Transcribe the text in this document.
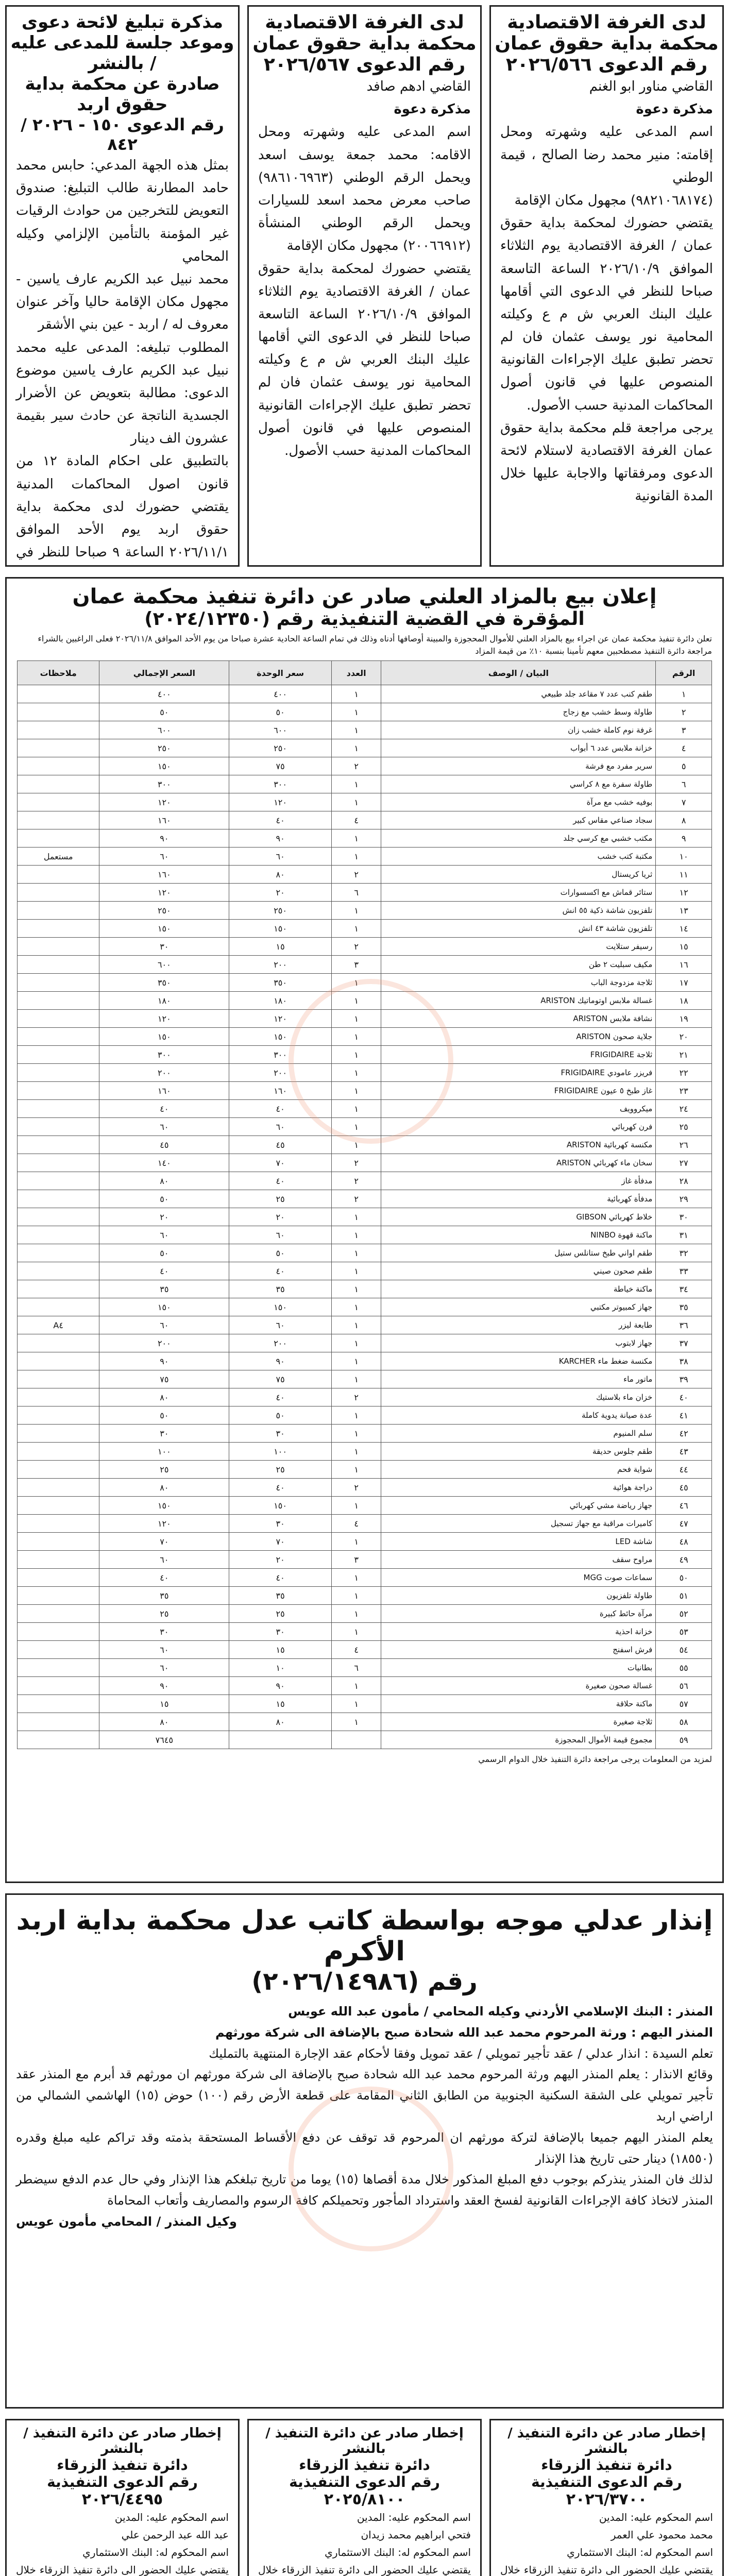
لدى الغرفة الاقتصادية
محكمة بداية حقوق عمان
رقم الدعوى ٢٠٢٦/٥٦٦
القاضي مناور ابو الغنم
مذكرة دعوة
اسم المدعى عليه وشهرته ومحل إقامته: منير محمد رضا الصالح ، قيمة الوطني
(٩٨٢١٠٦٨١٧٤) مجهول مكان الإقامة
يقتضي حضورك لمحكمة بداية حقوق عمان / الغرفة الاقتصادية يوم الثلاثاء الموافق ٢٠٢٦/١٠/٩ الساعة التاسعة صباحا للنظر في الدعوى التي أقامها عليك البنك العربي ش م ع وكيلته المحامية نور يوسف عثمان فان لم تحضر تطبق عليك الإجراءات القانونية المنصوص عليها في قانون أصول المحاكمات المدنية حسب الأصول.
يرجى مراجعة قلم محكمة بداية حقوق عمان الغرفة الاقتصادية لاستلام لائحة الدعوى ومرفقاتها والاجابة عليها خلال المدة القانونية
لدى الغرفة الاقتصادية
محكمة بداية حقوق عمان
رقم الدعوى ٢٠٢٦/٥٦٧
القاضي ادهم صافد
مذكرة دعوة
اسم المدعى عليه وشهرته ومحل الاقامه: محمد جمعة يوسف اسعد ويحمل الرقم الوطني (٩٨٦١٠٦٩٦٣) صاحب معرض محمد اسعد للسيارات ويحمل الرقم الوطني المنشأة (٢٠٠٦٦٩١٢) مجهول مكان الإقامة
يقتضي حضورك لمحكمة بداية حقوق عمان / الغرفة الاقتصادية يوم الثلاثاء الموافق ٢٠٢٦/١٠/٩ الساعة التاسعة صباحا للنظر في الدعوى التي أقامها عليك البنك العربي ش م ع وكيلته المحامية نور يوسف عثمان فان لم تحضر تطبق عليك الإجراءات القانونية المنصوص عليها في قانون أصول المحاكمات المدنية حسب الأصول.
مذكرة تبليغ لائحة دعوى
وموعد جلسة للمدعى عليه
/ بالنشر
صادرة عن محكمة بداية
حقوق اربد
رقم الدعوى ١٥٠ - ٢٠٢٦ / ٨٤٢
بمثل هذه الجهة المدعي: حابس محمد حامد المطارنة طالب التبليغ: صندوق التعويض للتخرجين من حوادث الرقيات غير المؤمنة بالتأمين الإلزامي وكيله المحامي
محمد نبيل عبد الكريم عارف ياسين - مجهول مكان الإقامة حاليا وآخر عنوان معروف له / اربد - عين بني الأشقر
المطلوب تبليغه: المدعى عليه محمد نبيل عبد الكريم عارف ياسين موضوع الدعوى: مطالبة بتعويض عن الأضرار الجسدية الناتجة عن حادث سير بقيمة عشرون الف دينار
بالتطبيق على احكام المادة ١٢ من قانون اصول المحاكمات المدنية يقتضي حضورك لدى محكمة بداية حقوق اربد يوم الأحد الموافق ٢٠٢٦/١١/١ الساعة ٩ صباحا للنظر في
إعلان بيع بالمزاد العلني صادر عن دائرة تنفيذ محكمة عمان
المؤقرة في القضية التنفيذية رقم (٢٠٢٤/١٢٣٥٠)
تعلن دائرة تنفيذ محكمة عمان عن اجراء بيع بالمزاد العلني للأموال المحجوزة والمبينة أوصافها أدناه وذلك في تمام الساعة الحادية عشرة صباحا من يوم الأحد الموافق ٢٠٢٦/١١/٨ فعلى الراغبين بالشراء مراجعة دائرة التنفيذ مصطحبين معهم تأمينا بنسبة ١٠٪ من قيمة المزاد
الرقم	البيان / الوصف	العدد	سعر الوحدة	السعر الإجمالي	ملاحظات
١	طقم كنب عدد ٧ مقاعد جلد طبيعي	١	٤٠٠	٤٠٠	
٢	طاولة وسط خشب مع زجاج	١	٥٠	٥٠	
٣	غرفة نوم كاملة خشب زان	١	٦٠٠	٦٠٠	
٤	خزانة ملابس عدد ٦ أبواب	١	٢٥٠	٢٥٠	
٥	سرير مفرد مع فرشة	٢	٧٥	١٥٠	
٦	طاولة سفرة مع ٨ كراسي	١	٣٠٠	٣٠٠	
٧	بوفيه خشب مع مرآة	١	١٢٠	١٢٠	
٨	سجاد صناعي مقاس كبير	٤	٤٠	١٦٠	
٩	مكتب خشبي مع كرسي جلد	١	٩٠	٩٠	
١٠	مكتبة كتب خشب	١	٦٠	٦٠	مستعمل
١١	ثريا كريستال	٢	٨٠	١٦٠	
١٢	ستائر قماش مع اكسسوارات	٦	٢٠	١٢٠	
١٣	تلفزيون شاشة ذكية ٥٥ انش	١	٢٥٠	٢٥٠	
١٤	تلفزيون شاشة ٤٣ انش	١	١٥٠	١٥٠	
١٥	رسيفر ستلايت	٢	١٥	٣٠	
١٦	مكيف سبليت ٢ طن	٣	٢٠٠	٦٠٠	
١٧	ثلاجة مزدوجة الباب	١	٣٥٠	٣٥٠	
١٨	غسالة ملابس اوتوماتيك ARISTON	١	١٨٠	١٨٠	
١٩	نشافة ملابس ARISTON	١	١٢٠	١٢٠	
٢٠	جلاية صحون ARISTON	١	١٥٠	١٥٠	
٢١	ثلاجة FRIGIDAIRE	١	٣٠٠	٣٠٠	
٢٢	فريزر عامودي FRIGIDAIRE	١	٢٠٠	٢٠٠	
٢٣	غاز طبخ ٥ عيون FRIGIDAIRE	١	١٦٠	١٦٠	
٢٤	ميكروويف	١	٤٠	٤٠	
٢٥	فرن كهربائي	١	٦٠	٦٠	
٢٦	مكنسة كهربائية ARISTON	١	٤٥	٤٥	
٢٧	سخان ماء كهربائي ARISTON	٢	٧٠	١٤٠	
٢٨	مدفأة غاز	٢	٤٠	٨٠	
٢٩	مدفأة كهربائية	٢	٢٥	٥٠	
٣٠	خلاط كهربائي GIBSON	١	٢٠	٢٠	
٣١	ماكنة قهوة NINBO	١	٦٠	٦٠	
٣٢	طقم اواني طبخ ستانلس ستيل	١	٥٠	٥٠	
٣٣	طقم صحون صيني	١	٤٠	٤٠	
٣٤	ماكنة خياطة	١	٣٥	٣٥	
٣٥	جهاز كمبيوتر مكتبي	١	١٥٠	١٥٠	
٣٦	طابعة ليزر	١	٦٠	٦٠	A٤
٣٧	جهاز لابتوب	١	٢٠٠	٢٠٠	
٣٨	مكنسة ضغط ماء KARCHER	١	٩٠	٩٠	
٣٩	ماتور ماء	١	٧٥	٧٥	
٤٠	خزان ماء بلاستيك	٢	٤٠	٨٠	
٤١	عدة صيانة يدوية كاملة	١	٥٠	٥٠	
٤٢	سلم المنيوم	١	٣٠	٣٠	
٤٣	طقم جلوس حديقة	١	١٠٠	١٠٠	
٤٤	شواية فحم	١	٢٥	٢٥	
٤٥	دراجة هوائية	٢	٤٠	٨٠	
٤٦	جهاز رياضة مشي كهربائي	١	١٥٠	١٥٠	
٤٧	كاميرات مراقبة مع جهاز تسجيل	٤	٣٠	١٢٠	
٤٨	شاشة LED	١	٧٠	٧٠	
٤٩	مراوح سقف	٣	٢٠	٦٠	
٥٠	سماعات صوت MGG	١	٤٠	٤٠	
٥١	طاولة تلفزيون	١	٣٥	٣٥	
٥٢	مرآة حائط كبيرة	١	٢٥	٢٥	
٥٣	خزانة احذية	١	٣٠	٣٠	
٥٤	فرش اسفنج	٤	١٥	٦٠	
٥٥	بطانيات	٦	١٠	٦٠	
٥٦	غسالة صحون صغيرة	١	٩٠	٩٠	
٥٧	ماكنة حلاقة	١	١٥	١٥	
٥٨	ثلاجة صغيرة	١	٨٠	٨٠	
٥٩	مجموع قيمة الأموال المحجوزة			٧٦٤٥	
لمزيد من المعلومات يرجى مراجعة دائرة التنفيذ خلال الدوام الرسمي
إنذار عدلي موجه بواسطة كاتب عدل محكمة بداية اربد الأكرم
رقم (٢٠٢٦/١٤٩٨٦)
المنذر : البنك الإسلامي الأردني وكيله المحامي / مأمون عبد الله عويس
المنذر اليهم : ورثة المرحوم محمد عبد الله شحادة صبح بالإضافة الى شركة مورثهم
تعلم السيدة : انذار عدلي / عقد تأجير تمويلي / عقد تمويل وفقا لأحكام عقد الإجارة المنتهية بالتمليك
وقائع الانذار : يعلم المنذر اليهم ورثة المرحوم محمد عبد الله شحادة صبح بالإضافة الى شركة مورثهم ان مورثهم قد أبرم مع المنذر عقد تأجير تمويلي على الشقة السكنية الجنوبية من الطابق الثاني المقامة على قطعة الأرض رقم (١٠٠) حوض (١٥) الهاشمي الشمالي من اراضي اربد
يعلم المنذر اليهم جميعا بالإضافة لتركة مورثهم ان المرحوم قد توقف عن دفع الأقساط المستحقة بذمته وقد تراكم عليه مبلغ وقدره (١٨٥٥٠) دينار حتى تاريخ هذا الإنذار
لذلك فان المنذر ينذركم بوجوب دفع المبلغ المذكور خلال مدة أقصاها (١٥) يوما من تاريخ تبلغكم هذا الإنذار وفي حال عدم الدفع سيضطر المنذر لاتخاذ كافة الإجراءات القانونية لفسخ العقد واسترداد المأجور وتحميلكم كافة الرسوم والمصاريف وأتعاب المحاماة
وكيل المنذر / المحامي مأمون عويس
إخطار صادر عن دائرة التنفيذ / بالنشر
دائرة تنفيذ الزرقاء
رقم الدعوى التنفيذية
٢٠٢٦/٣٧٠٠
اسم المحكوم عليه: المدين
محمد محمود علي العمر
اسم المحكوم له: البنك الاستثماري
يقتضي عليك الحضور الى دائرة تنفيذ الزرقاء خلال
إخطار صادر عن دائرة التنفيذ / بالنشر
دائرة تنفيذ الزرقاء
رقم الدعوى التنفيذية
٢٠٢٥/٨١٠٠
اسم المحكوم عليه: المدين
فتحي ابراهيم محمد زيدان
اسم المحكوم له: البنك الاستثماري
يقتضي عليك الحضور الى دائرة تنفيذ الزرقاء خلال
إخطار صادر عن دائرة التنفيذ / بالنشر
دائرة تنفيذ الزرقاء
رقم الدعوى التنفيذية
٢٠٢٦/٤٤٩٥
اسم المحكوم عليه: المدين
عبد الله عبد الرحمن علي
اسم المحكوم له: البنك الاستثماري
يقتضي عليك الحضور الى دائرة تنفيذ الزرقاء خلال
